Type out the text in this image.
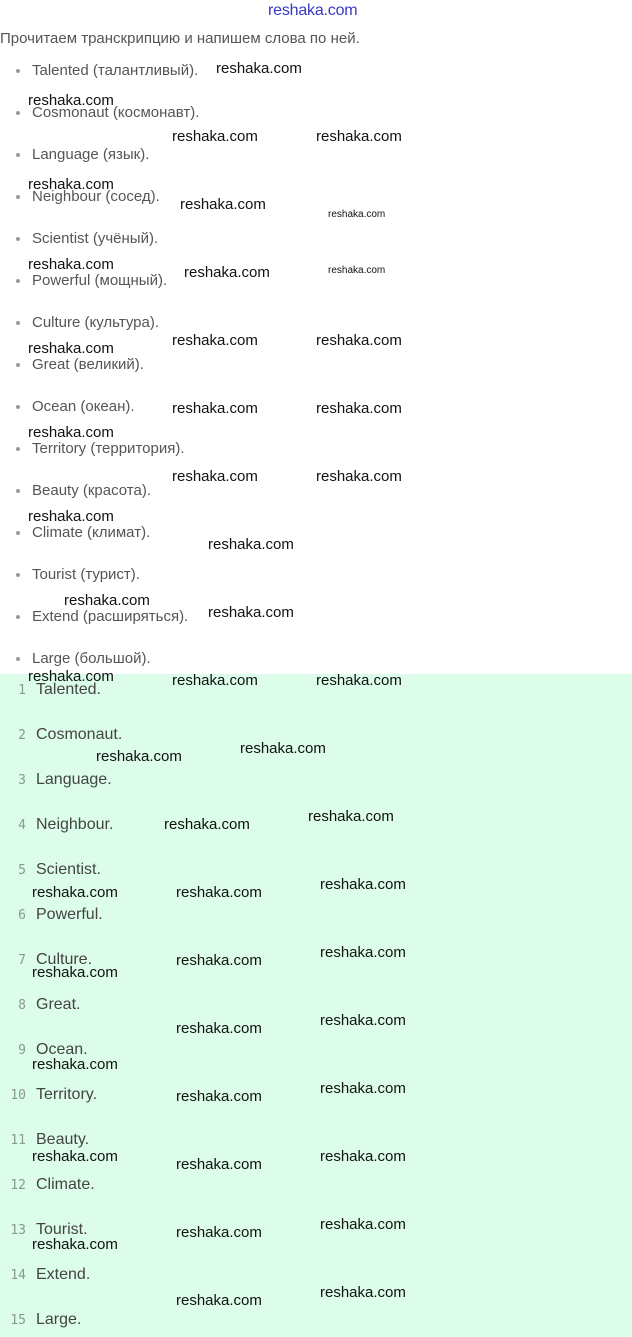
reshaka.com
Прочитаем транскрипцию и напишем слова по ней.
Talented (талантливый).
Cosmonaut (космонавт).
Language (язык).
Neighbour (сосед).
Scientist (учёный).
Powerful (мощный).
Culture (культура).
Great (великий).
Ocean (океан).
Territory (территория).
Beauty (красота).
Climate (климат).
Tourist (турист).
Extend (расширяться).
Large (большой).
1 Talented.
2 Cosmonaut.
3 Language.
4 Neighbour.
5 Scientist.
6 Powerful.
7 Culture.
8 Great.
9 Ocean.
10 Territory.
11 Beauty.
12 Climate.
13 Tourist.
14 Extend.
15 Large.
reshaka.com
reshaka.com
reshaka.com	reshaka.com
reshaka.com
reshaka.com
reshaka.com
reshaka.com	reshaka.com	reshaka.com
reshaka.com	reshaka.com
reshaka.com
reshaka.com	reshaka.com
reshaka.com
reshaka.com	reshaka.com
reshaka.com
reshaka.com
reshaka.com
reshaka.com
reshaka.com	reshaka.com	reshaka.com
reshaka.com
reshaka.com
reshaka.com
reshaka.com
reshaka.com
reshaka.com	reshaka.com
reshaka.com
reshaka.com
reshaka.com
reshaka.com
reshaka.com
reshaka.com
reshaka.com
reshaka.com
reshaka.com	reshaka.com
reshaka.com
reshaka.com
reshaka.com
reshaka.com
reshaka.com
reshaka.com
